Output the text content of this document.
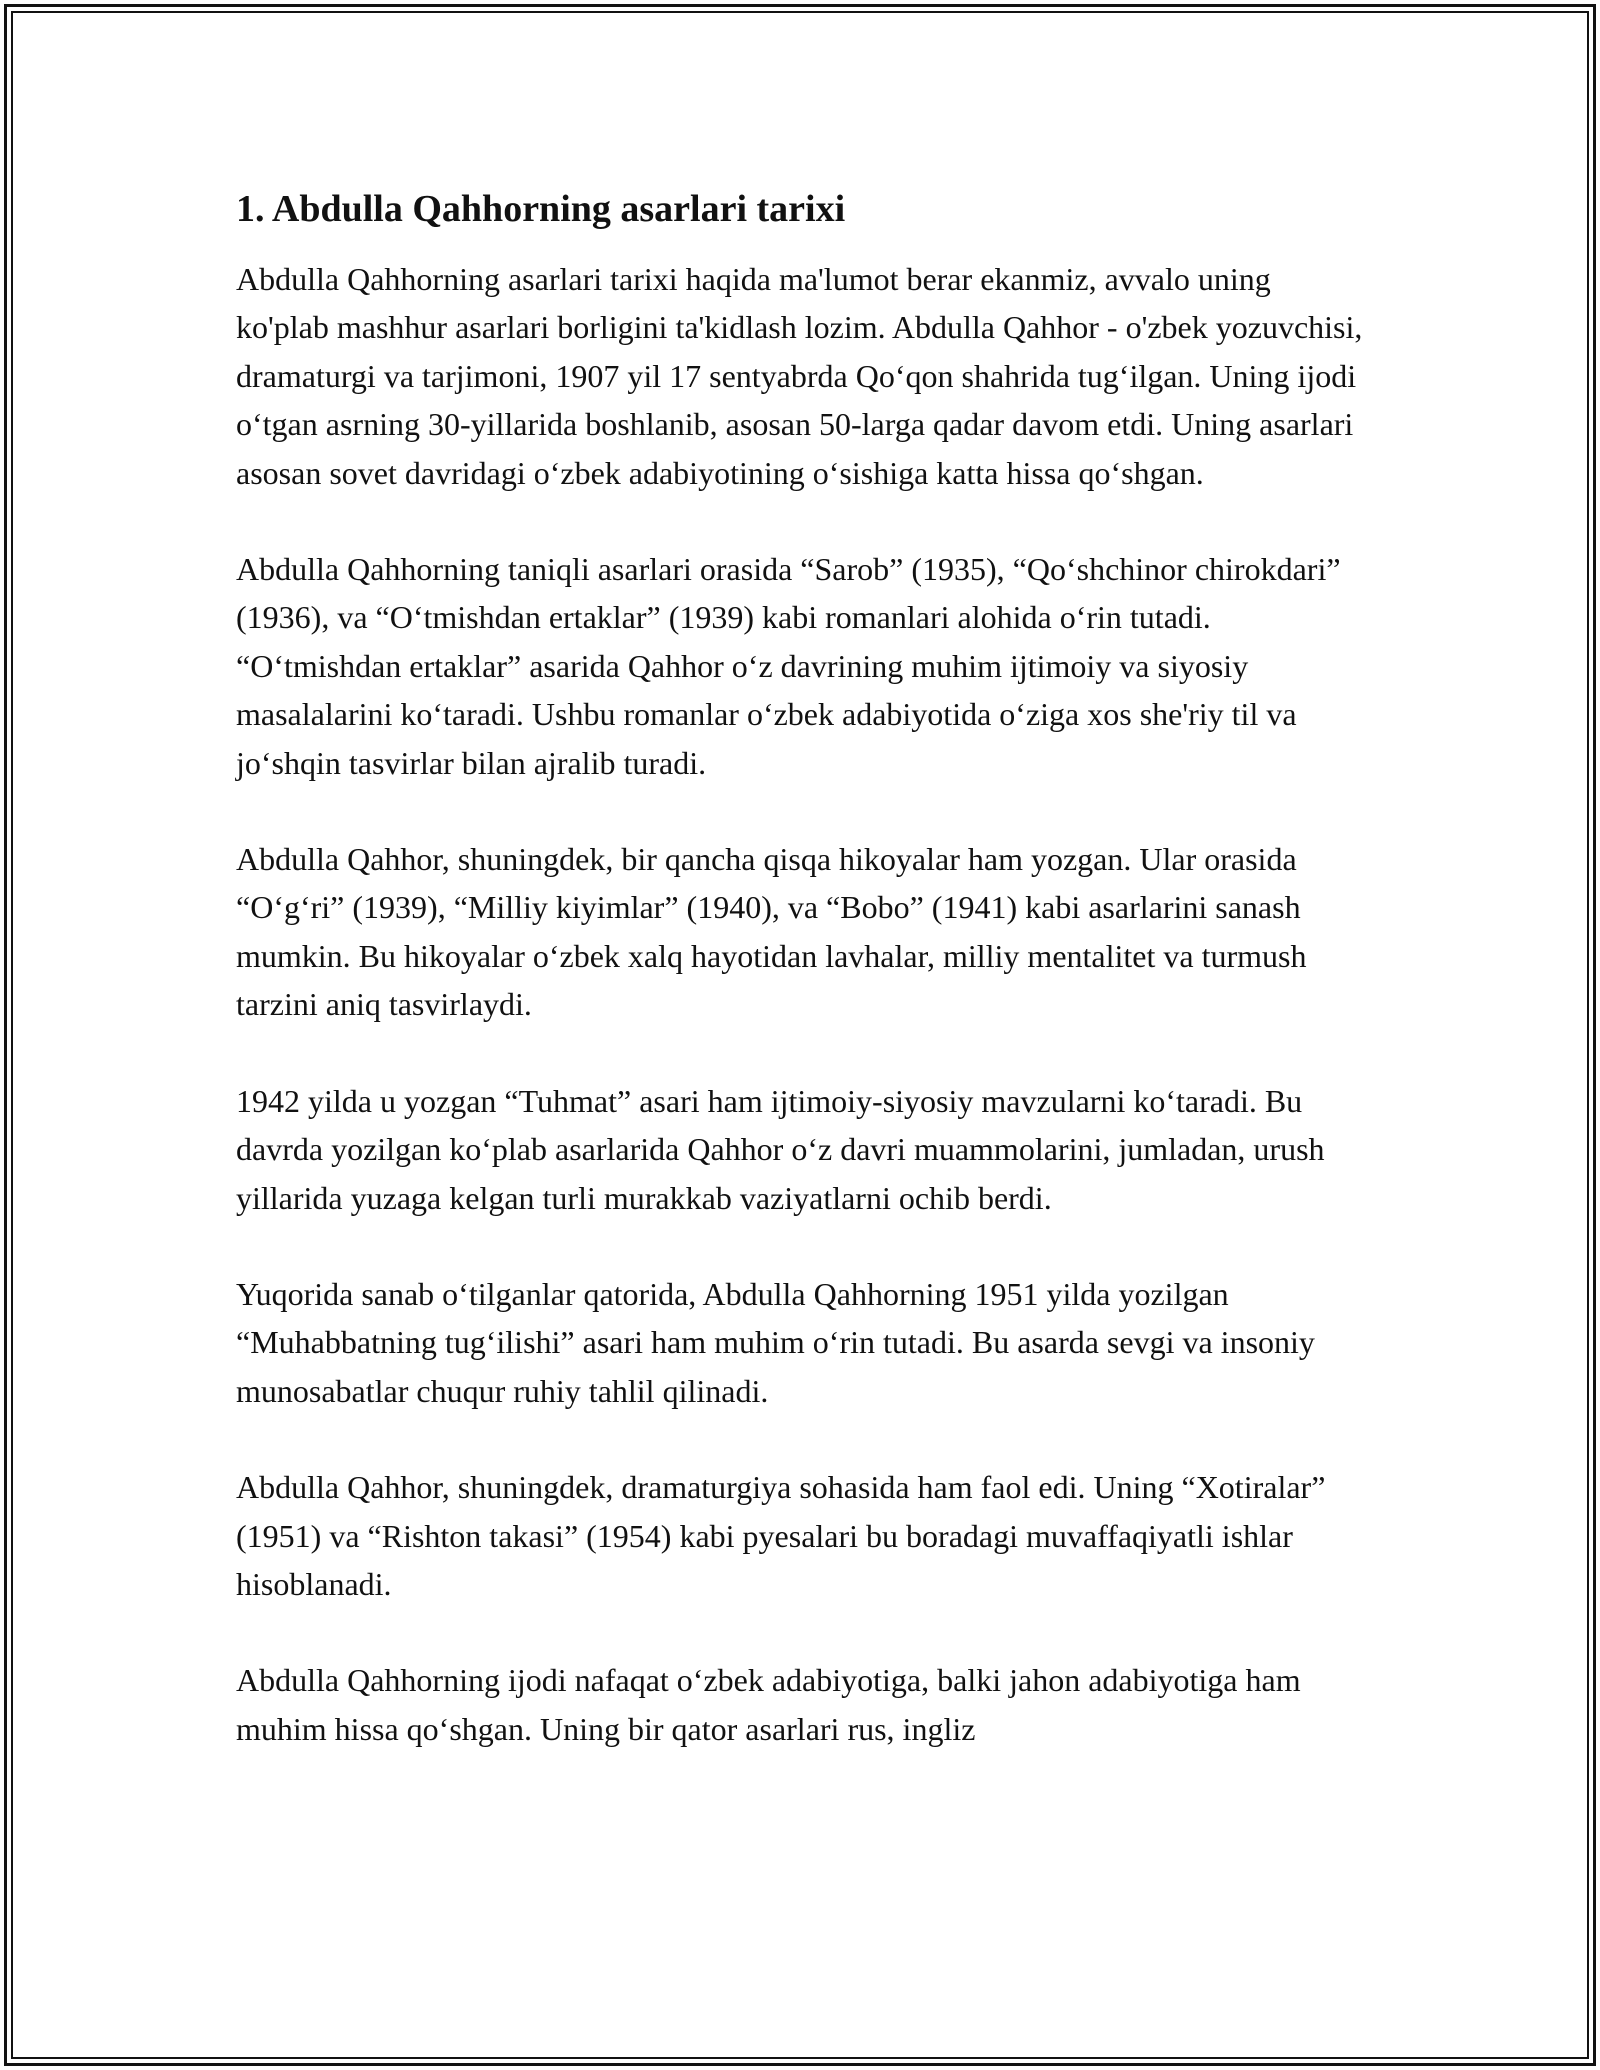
1. Abdulla Qahhorning asarlari tarixi

Abdulla Qahhorning asarlari tarixi haqida ma'lumot berar ekanmiz, avvalo uning ko'plab mashhur asarlari borligini ta'kidlash lozim. Abdulla Qahhor - o'zbek yozuvchisi, dramaturgi va tarjimoni, 1907 yil 17 sentyabrda Qo‘qon shahrida tug‘ilgan. Uning ijodi o‘tgan asrning 30-yillarida boshlanib, asosan 50-larga qadar davom etdi. Uning asarlari asosan sovet davridagi o‘zbek adabiyotining o‘sishiga katta hissa qo‘shgan.

Abdulla Qahhorning taniqli asarlari orasida “Sarob” (1935), “Qo‘shchinor chirokdari” (1936), va “O‘tmishdan ertaklar” (1939) kabi romanlari alohida o‘rin tutadi. “O‘tmishdan ertaklar” asarida Qahhor o‘z davrining muhim ijtimoiy va siyosiy masalalarini ko‘taradi. Ushbu romanlar o‘zbek adabiyotida o‘ziga xos she'riy til va jo‘shqin tasvirlar bilan ajralib turadi.

Abdulla Qahhor, shuningdek, bir qancha qisqa hikoyalar ham yozgan. Ular orasida “O‘g‘ri” (1939), “Milliy kiyimlar” (1940), va “Bobo” (1941) kabi asarlarini sanash mumkin. Bu hikoyalar o‘zbek xalq hayotidan lavhalar, milliy mentalitet va turmush tarzini aniq tasvirlaydi.

1942 yilda u yozgan “Tuhmat” asari ham ijtimoiy-siyosiy mavzularni ko‘taradi. Bu davrda yozilgan ko‘plab asarlarida Qahhor o‘z davri muammolarini, jumladan, urush yillarida yuzaga kelgan turli murakkab vaziyatlarni ochib berdi.

Yuqorida sanab o‘tilganlar qatorida, Abdulla Qahhorning 1951 yilda yozilgan “Muhabbatning tug‘ilishi” asari ham muhim o‘rin tutadi. Bu asarda sevgi va insoniy munosabatlar chuqur ruhiy tahlil qilinadi.

Abdulla Qahhor, shuningdek, dramaturgiya sohasida ham faol edi. Uning “Xotiralar” (1951) va “Rishton takasi” (1954) kabi pyesalari bu boradagi muvaffaqiyatli ishlar hisoblanadi.

Abdulla Qahhorning ijodi nafaqat o‘zbek adabiyotiga, balki jahon adabiyotiga ham muhim hissa qo‘shgan. Uning bir qator asarlari rus, ingliz
